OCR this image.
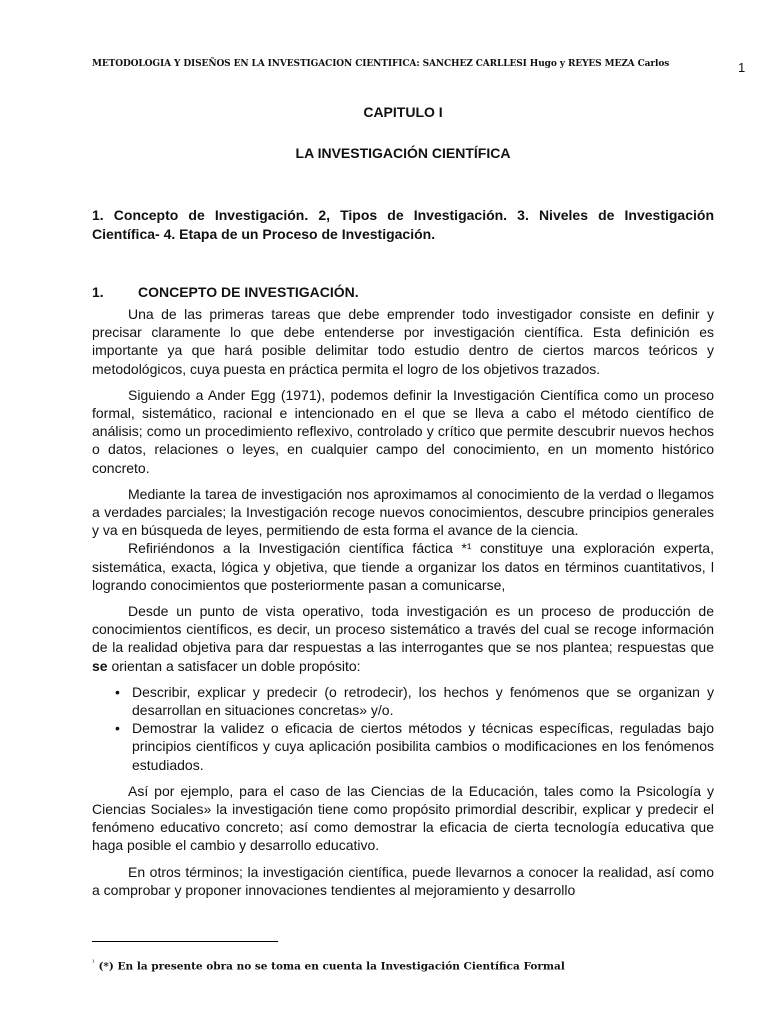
METODOLOGIA Y DISEÑOS EN LA INVESTIGACION CIENTIFICA: SANCHEZ CARLLESI Hugo y REYES MEZA Carlos	1
CAPITULO I
LA INVESTIGACIÓN CIENTÍFICA
1. Concepto de Investigación. 2, Tipos de Investigación. 3. Niveles de Investigación Científica- 4. Etapa de un Proceso de Investigación.
1. CONCEPTO DE INVESTIGACIÓN.

Una de las primeras tareas que debe emprender todo investigador consiste en definir y precisar claramente lo que debe entenderse por investigación científica. Esta definición es importante ya que hará posible delimitar todo estudio dentro de ciertos marcos teóricos y metodológicos, cuya puesta en práctica permita el logro de los objetivos trazados.

Siguiendo a Ander Egg (1971), podemos definir la Investigación Científica como un proceso formal, sistemático, racional e intencionado en el que se lleva a cabo el método científico de análisis; como un procedimiento reflexivo, controlado y crítico que permite descubrir nuevos hechos o datos, relaciones o leyes, en cualquier campo del conocimiento, en un momento histórico concreto.

Mediante la tarea de investigación nos aproximamos al conocimiento de la verdad o llegamos a verdades parciales; la Investigación recoge nuevos conocimientos, descubre principios generales y va en búsqueda de leyes, permitiendo de esta forma el avance de la ciencia.

Refiriéndonos a la Investigación científica fáctica *¹ constituye una exploración experta, sistemática, exacta, lógica y objetiva, que tiende a organizar los datos en términos cuantitativos, l logrando conocimientos que posteriormente pasan a comunicarse,

Desde un punto de vista operativo, toda investigación es un proceso de producción de conocimientos científicos, es decir, un proceso sistemático a través del cual se recoge información de la realidad objetiva para dar respuestas a las interrogantes que se nos plantea; respuestas que se orientan a satisfacer un doble propósito:

• Describir, explicar y predecir (o retrodecir), los hechos y fenómenos que se organizan y desarrollan en situaciones concretas» y/o.
• Demostrar la validez o eficacia de ciertos métodos y técnicas específicas, reguladas bajo principios científicos y cuya aplicación posibilita cambios o modificaciones en los fenómenos estudiados.

Así por ejemplo, para el caso de las Ciencias de la Educación, tales como la Psicología y Ciencias Sociales» la investigación tiene como propósito primordial describir, explicar y predecir el fenómeno educativo concreto; así como demostrar la eficacia de cierta tecnología educativa que haga posible el cambio y desarrollo educativo.

En otros términos; la investigación científica, puede llevarnos a conocer la realidad, así como a comprobar y proponer innovaciones tendientes al mejoramiento y desarrollo

$^{^1}$ (*) En la presente obra no se toma en cuenta la Investigación Científica Formal
